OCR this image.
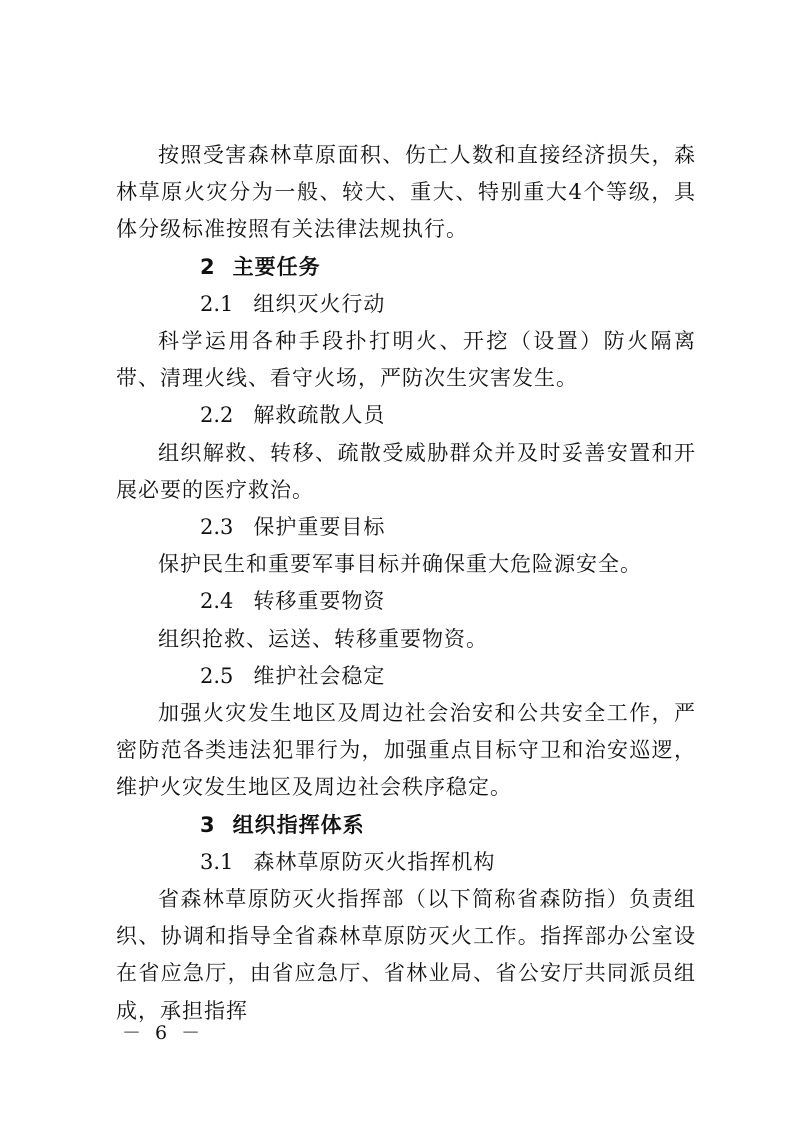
按照受害森林草原面积、伤亡人数和直接经济损失，森林草原火灾分为一般、较大、重大、特别重大4个等级，具体分级标准按照有关法律法规执行。

2 主要任务

2.1 组织灭火行动

科学运用各种手段扑打明火、开挖（设置）防火隔离带、清理火线、看守火场，严防次生灾害发生。

2.2 解救疏散人员

组织解救、转移、疏散受威胁群众并及时妥善安置和开展必要的医疗救治。

2.3 保护重要目标

保护民生和重要军事目标并确保重大危险源安全。

2.4 转移重要物资

组织抢救、运送、转移重要物资。

2.5 维护社会稳定

加强火灾发生地区及周边社会治安和公共安全工作，严密防范各类违法犯罪行为，加强重点目标守卫和治安巡逻，维护火灾发生地区及周边社会秩序稳定。

3 组织指挥体系

3.1 森林草原防灭火指挥机构

省森林草原防灭火指挥部（以下简称省森防指）负责组织、协调和指导全省森林草原防灭火工作。指挥部办公室设在省应急厅，由省应急厅、省林业局、省公安厅共同派员组成，承担指挥

－ 6 －
